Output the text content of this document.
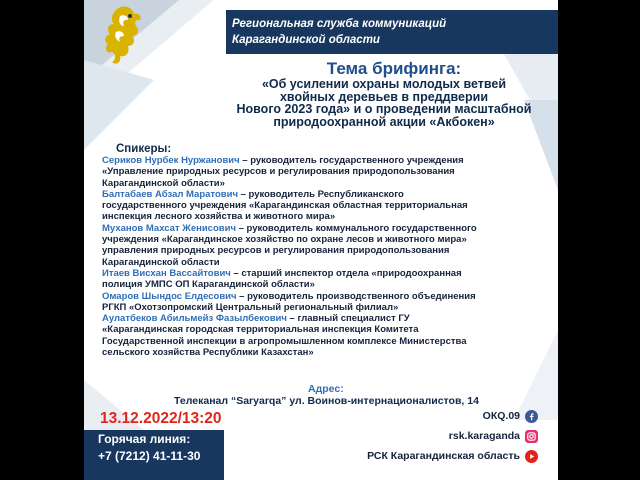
Региональная служба коммуникаций
Карагандинской области
Тема брифинга:
«Об усилении охраны молодых ветвей
хвойных деревьев в преддверии
Нового 2023 года» и о проведении масштабной
природоохранной акции «Акбокен»
Спикеры:
Сериков Нурбек Нуржанович – руководитель государственного учреждения
«Управление природных ресурсов и регулирования природопользования
Карагандинской области»
Балтабаев Абзал Маратович – руководитель Республиканского
государственного учреждения «Карагандинская областная территориальная
инспекция лесного хозяйства и животного мира»
Муханов Махсат Женисович – руководитель коммунального государственного
учреждения «Карагандинское хозяйство по охране лесов и животного мира»
управления природных ресурсов и регулирования природопользования
Карагандинской области
Итаев Висхан Вассайтович – старший инспектор отдела «природоохранная
полиция УМПС ОП Карагандинской области»
Омаров Шындос Елдесович – руководитель производственного объединения
РГКП «Охотзопромский Центральный региональный филиал»
Аулатбеков Абильмейз Фазылбекович – главный специалист ГУ
«Карагандинская городская территориальная инспекция Комитета
Государственной инспекции в агропромышленном комплексе Министерства
сельского хозяйства Республики Казахстан»
Адрес:
Телеканал “Saryarqa” ул. Воинов-интернационалистов, 14
13.12.2022/13:20
Горячая линия:
+7 (7212) 41-11-30
ОКQ.09
rsk.karaganda
РСК Карагандинская область
